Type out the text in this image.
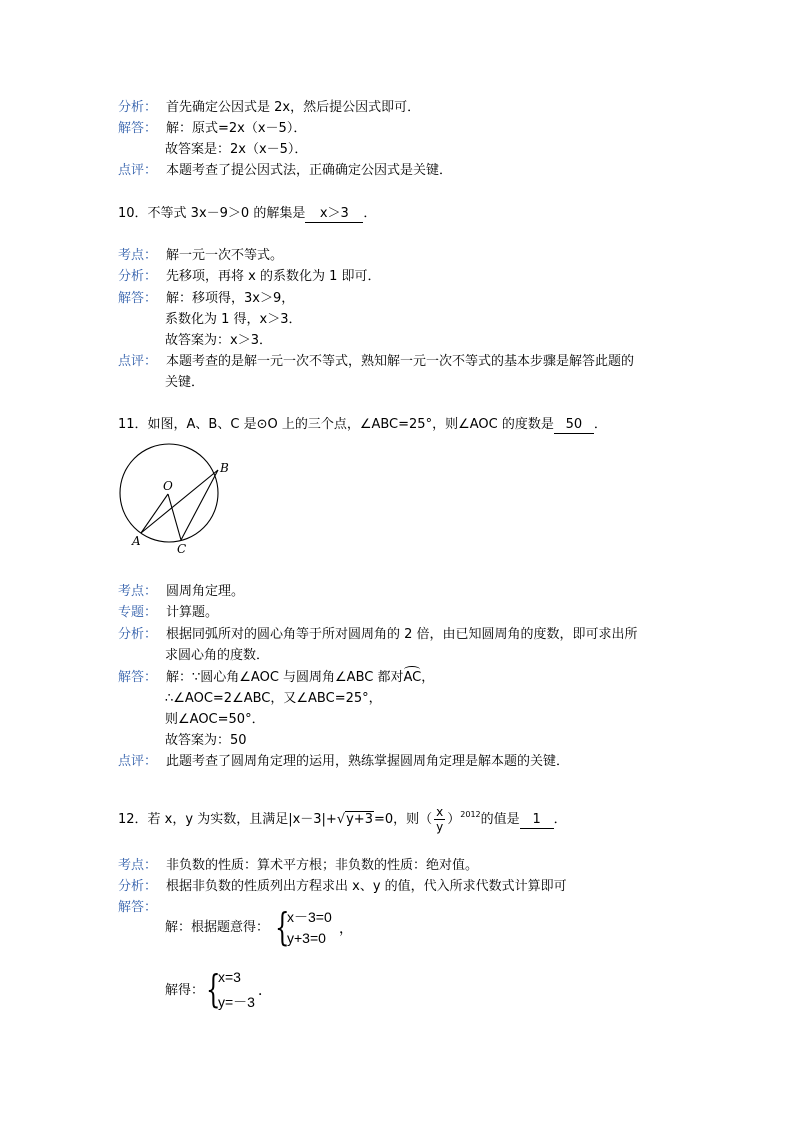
分析： 首先确定公因式是 2x，然后提公因式即可．
解答： 解：原式=2x（x－5）．
故答案是：2x（x－5）．
点评： 本题考查了提公因式法，正确确定公因式是关键．
10．不等式 3x－9＞0 的解集是 x＞3 ．
考点： 解一元一次不等式。
分析： 先移项，再将 x 的系数化为 1 即可．
解答： 解：移项得，3x＞9，
系数化为 1 得，x＞3．
故答案为：x＞3．
点评： 本题考查的是解一元一次不等式，熟知解一元一次不等式的基本步骤是解答此题的
关键．
11．如图，A、B、C 是⊙O 上的三个点，∠ABC=25°，则∠AOC 的度数是 50 ．
O
A
B
C
考点： 圆周角定理。
专题： 计算题。
分析： 根据同弧所对的圆心角等于所对圆周角的 2 倍，由已知圆周角的度数，即可求出所
求圆心角的度数．
解答： 解：∵圆心角∠AOC 与圆周角∠ABC 都对AC，
∴∠AOC=2∠ABC，又∠ABC=25°，
则∠AOC=50°．
故答案为：50
点评： 此题考查了圆周角定理的运用，熟练掌握圆周角定理是解本题的关键．
12．若 x，y 为实数，且满足|x－3|+√y+3=0，则（ $\frac{x}{y} )^{2012}$的值是 1 ．
考点： 非负数的性质：算术平方根；非负数的性质：绝对值。
分析： 根据非负数的性质列出方程求出 x、y 的值，代入所求代数式计算即可
解答：
解：根据题意得： {
x－3=0
y+3=0
，
解得： {
x=3
y=－3
．
